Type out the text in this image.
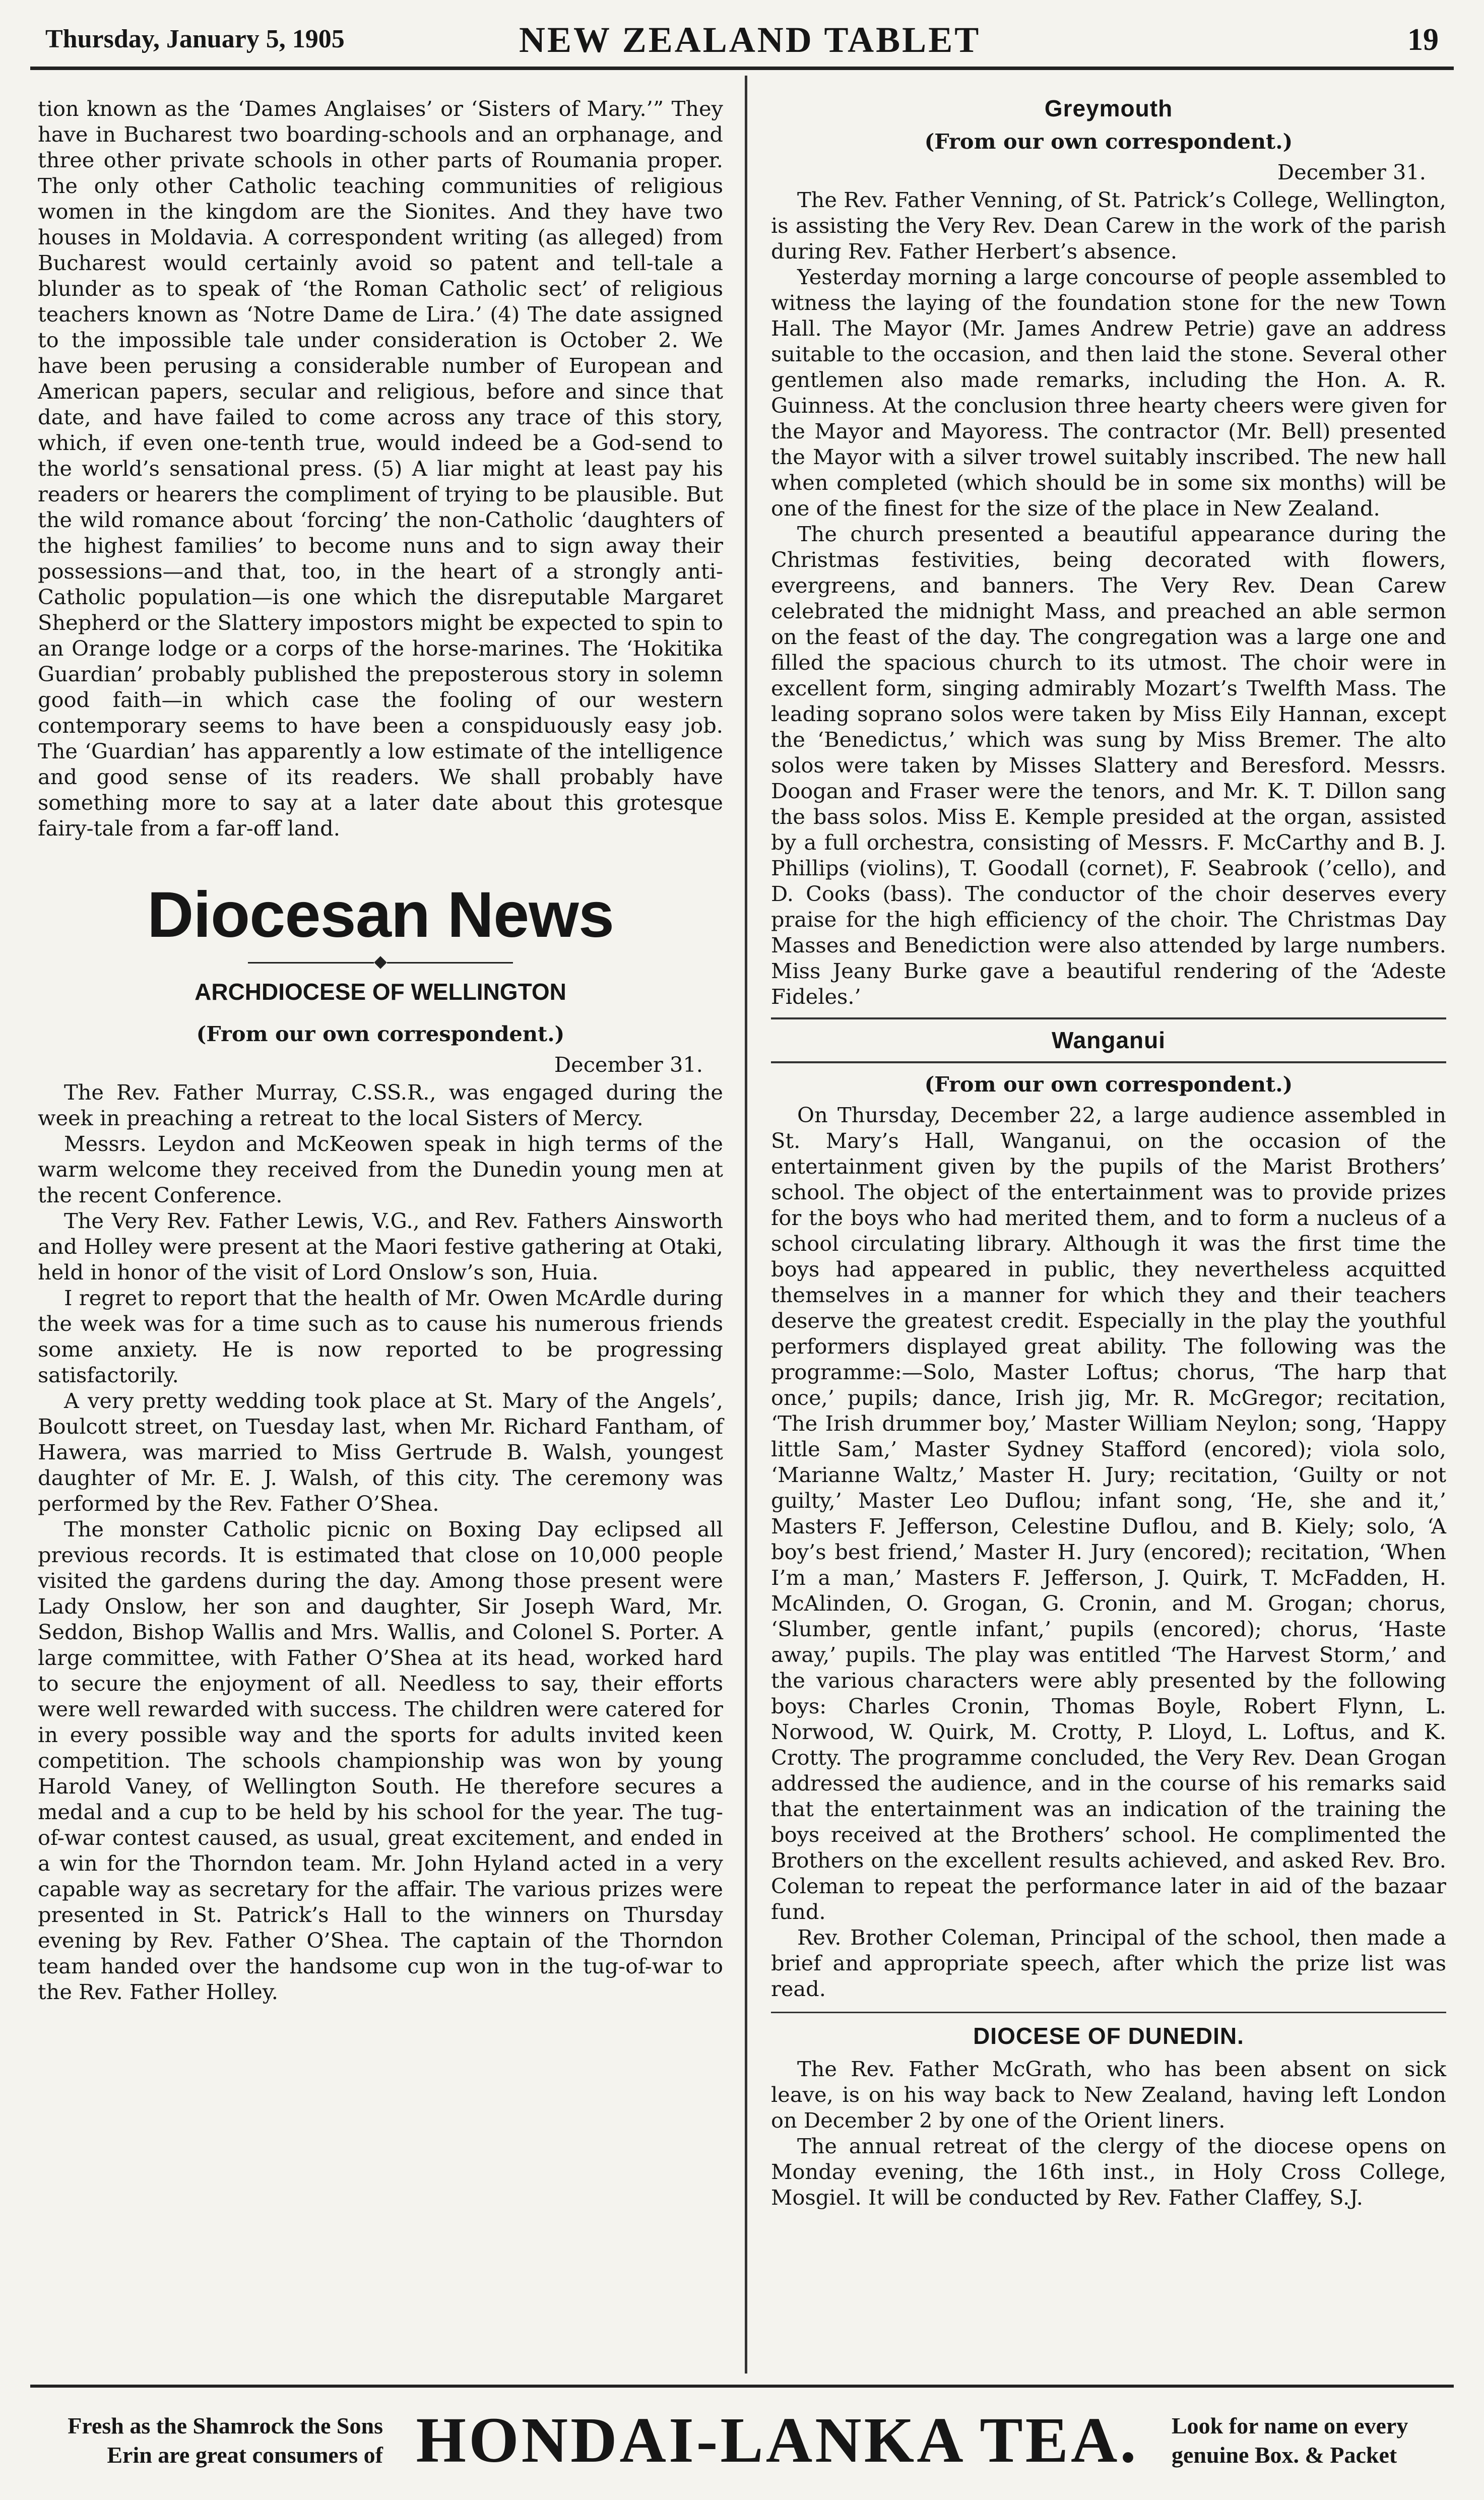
Thursday, January 5, 1905	NEW ZEALAND TABLET	19

tion known as the ‘Dames Anglaises’ or ‘Sisters of Mary.’” They have in Bucharest two boarding-schools and an orphanage, and three other private schools in other parts of Roumania proper. The only other Catholic teaching communities of religious women in the kingdom are the Sionites. And they have two houses in Moldavia. A correspondent writing (as alleged) from Bucharest would certainly avoid so patent and tell-tale a blunder as to speak of ‘the Roman Catholic sect’ of religious teachers known as ‘Notre Dame de Lira.’ (4) The date assigned to the impossible tale under consideration is October 2. We have been perusing a considerable number of European and American papers, secular and religious, before and since that date, and have failed to come across any trace of this story, which, if even one-tenth true, would indeed be a God-send to the world’s sensational press. (5) A liar might at least pay his readers or hearers the compliment of trying to be plausible. But the wild romance about ‘forcing’ the non-Catholic ‘daughters of the highest families’ to become nuns and to sign away their possessions—and that, too, in the heart of a strongly anti-Catholic population—is one which the disreputable Margaret Shepherd or the Slattery impostors might be expected to spin to an Orange lodge or a corps of the horse-marines. The ‘Hokitika Guardian’ probably published the preposterous story in solemn good faith—in which case the fooling of our western contemporary seems to have been a conspiduously easy job. The ‘Guardian’ has apparently a low estimate of the intelligence and good sense of its readers. We shall probably have something more to say at a later date about this grotesque fairy-tale from a far-off land.

Diocesan News
ARCHDIOCESE OF WELLINGTON

(From our own correspondent.)

December 31.

The Rev. Father Murray, C.SS.R., was engaged during the week in preaching a retreat to the local Sisters of Mercy.

Messrs. Leydon and McKeowen speak in high terms of the warm welcome they received from the Dunedin young men at the recent Conference.

The Very Rev. Father Lewis, V.G., and Rev. Fathers Ainsworth and Holley were present at the Maori festive gathering at Otaki, held in honor of the visit of Lord Onslow’s son, Huia.

I regret to report that the health of Mr. Owen McArdle during the week was for a time such as to cause his numerous friends some anxiety. He is now reported to be progressing satisfactorily.

A very pretty wedding took place at St. Mary of the Angels’, Boulcott street, on Tuesday last, when Mr. Richard Fantham, of Hawera, was married to Miss Gertrude B. Walsh, youngest daughter of Mr. E. J. Walsh, of this city. The ceremony was performed by the Rev. Father O’Shea.

The monster Catholic picnic on Boxing Day eclipsed all previous records. It is estimated that close on 10,000 people visited the gardens during the day. Among those present were Lady Onslow, her son and daughter, Sir Joseph Ward, Mr. Seddon, Bishop Wallis and Mrs. Wallis, and Colonel S. Porter. A large committee, with Father O’Shea at its head, worked hard to secure the enjoyment of all. Needless to say, their efforts were well rewarded with success. The children were catered for in every possible way and the sports for adults invited keen competition. The schools championship was won by young Harold Vaney, of Wellington South. He therefore secures a medal and a cup to be held by his school for the year. The tug-of-war contest caused, as usual, great excitement, and ended in a win for the Thorndon team. Mr. John Hyland acted in a very capable way as secretary for the affair. The various prizes were presented in St. Patrick’s Hall to the winners on Thursday evening by Rev. Father O’Shea. The captain of the Thorndon team handed over the handsome cup won in the tug-of-war to the Rev. Father Holley.

Greymouth

(From our own correspondent.)

December 31.

The Rev. Father Venning, of St. Patrick’s College, Wellington, is assisting the Very Rev. Dean Carew in the work of the parish during Rev. Father Herbert’s absence.

Yesterday morning a large concourse of people assembled to witness the laying of the foundation stone for the new Town Hall. The Mayor (Mr. James Andrew Petrie) gave an address suitable to the occasion, and then laid the stone. Several other gentlemen also made remarks, including the Hon. A. R. Guinness. At the conclusion three hearty cheers were given for the Mayor and Mayoress. The contractor (Mr. Bell) presented the Mayor with a silver trowel suitably inscribed. The new hall when completed (which should be in some six months) will be one of the finest for the size of the place in New Zealand.

The church presented a beautiful appearance during the Christmas festivities, being decorated with flowers, evergreens, and banners. The Very Rev. Dean Carew celebrated the midnight Mass, and preached an able sermon on the feast of the day. The congregation was a large one and filled the spacious church to its utmost. The choir were in excellent form, singing admirably Mozart’s Twelfth Mass. The leading soprano solos were taken by Miss Eily Hannan, except the ‘Benedictus,’ which was sung by Miss Bremer. The alto solos were taken by Misses Slattery and Beresford. Messrs. Doogan and Fraser were the tenors, and Mr. K. T. Dillon sang the bass solos. Miss E. Kemple presided at the organ, assisted by a full orchestra, consisting of Messrs. F. McCarthy and B. J. Phillips (violins), T. Goodall (cornet), F. Seabrook (’cello), and D. Cooks (bass). The conductor of the choir deserves every praise for the high efficiency of the choir. The Christmas Day Masses and Benediction were also attended by large numbers. Miss Jeany Burke gave a beautiful rendering of the ‘Adeste Fideles.’

Wanganui

(From our own correspondent.)

On Thursday, December 22, a large audience assembled in St. Mary’s Hall, Wanganui, on the occasion of the entertainment given by the pupils of the Marist Brothers’ school. The object of the entertainment was to provide prizes for the boys who had merited them, and to form a nucleus of a school circulating library. Although it was the first time the boys had appeared in public, they nevertheless acquitted themselves in a manner for which they and their teachers deserve the greatest credit. Especially in the play the youthful performers displayed great ability. The following was the programme:—Solo, Master Loftus; chorus, ‘The harp that once,’ pupils; dance, Irish jig, Mr. R. McGregor; recitation, ‘The Irish drummer boy,’ Master William Neylon; song, ‘Happy little Sam,’ Master Sydney Stafford (encored); viola solo, ‘Marianne Waltz,’ Master H. Jury; recitation, ‘Guilty or not guilty,’ Master Leo Duflou; infant song, ‘He, she and it,’ Masters F. Jefferson, Celestine Duflou, and B. Kiely; solo, ‘A boy’s best friend,’ Master H. Jury (encored); recitation, ‘When I’m a man,’ Masters F. Jefferson, J. Quirk, T. McFadden, H. McAlinden, O. Grogan, G. Cronin, and M. Grogan; chorus, ‘Slumber, gentle infant,’ pupils (encored); chorus, ‘Haste away,’ pupils. The play was entitled ‘The Harvest Storm,’ and the various characters were ably presented by the following boys: Charles Cronin, Thomas Boyle, Robert Flynn, L. Norwood, W. Quirk, M. Crotty, P. Lloyd, L. Loftus, and K. Crotty. The programme concluded, the Very Rev. Dean Grogan addressed the audience, and in the course of his remarks said that the entertainment was an indication of the training the boys received at the Brothers’ school. He complimented the Brothers on the excellent results achieved, and asked Rev. Bro. Coleman to repeat the performance later in aid of the bazaar fund.

Rev. Brother Coleman, Principal of the school, then made a brief and appropriate speech, after which the prize list was read.

DIOCESE OF DUNEDIN.

The Rev. Father McGrath, who has been absent on sick leave, is on his way back to New Zealand, having left London on December 2 by one of the Orient liners.

The annual retreat of the clergy of the diocese opens on Monday evening, the 16th inst., in Holy Cross College, Mosgiel. It will be conducted by Rev. Father Claffey, S.J.

Fresh as the Shamrock the Sons
Erin are great consumers of HONDAI-LANKA TEA. Look for name on every
genuine Box. & Packet
